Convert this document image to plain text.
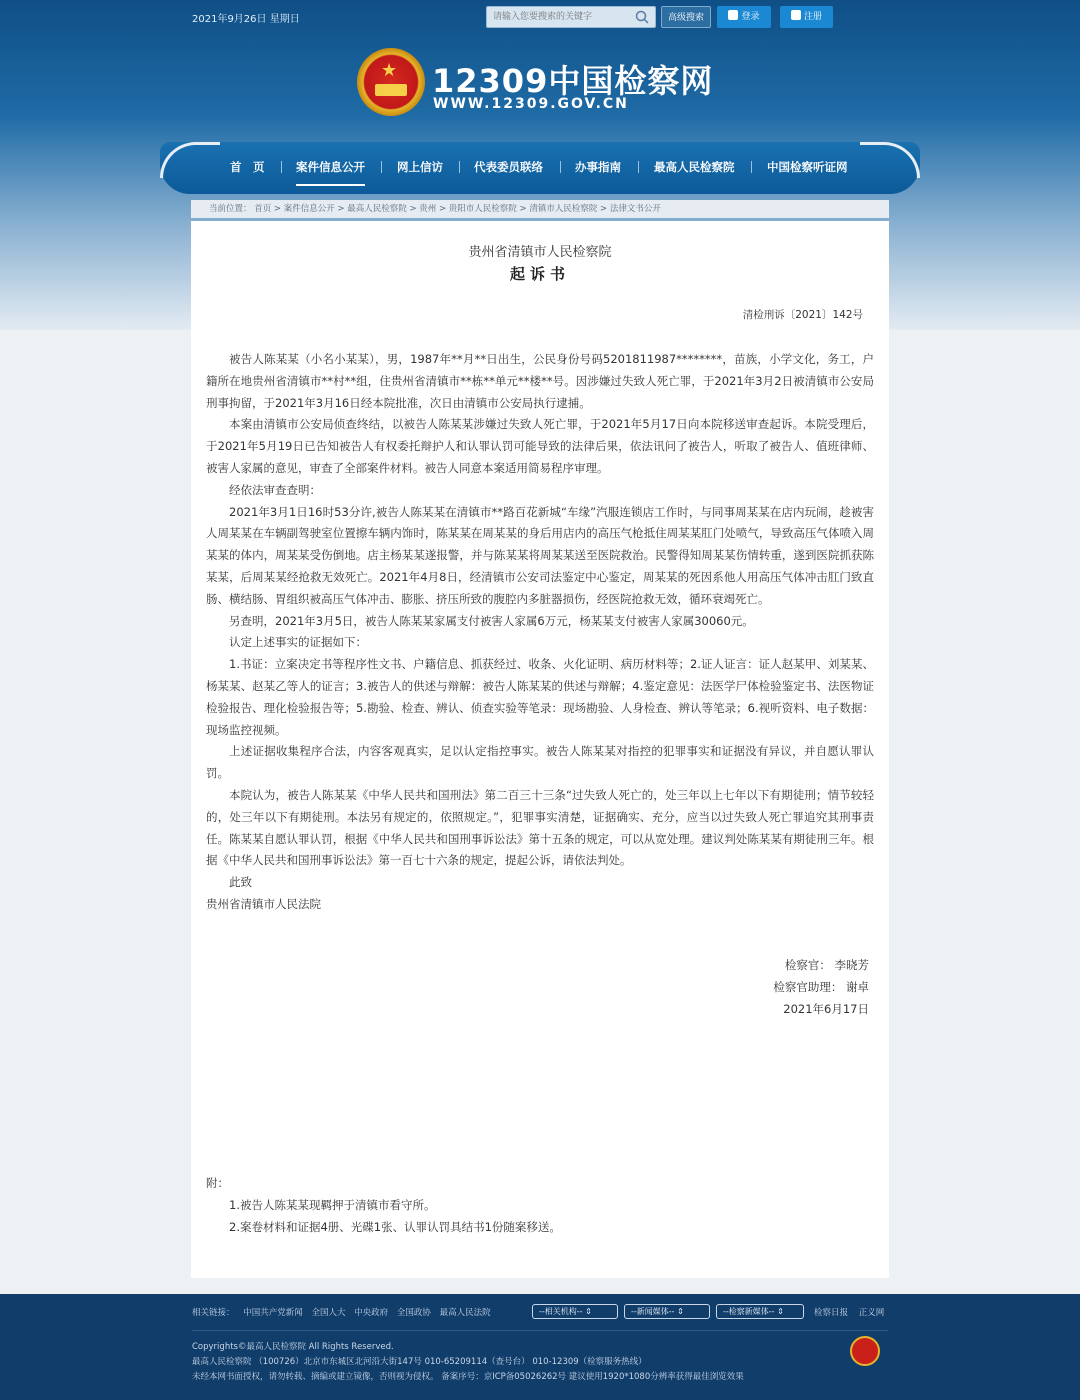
2021年9月26日 星期日
请输入您要搜索的关键字	高级搜索	登录	注册
★ 12309中国检察网
WWW.12309.GOV.CN
首　页	案件信息公开	网上信访	代表委员联络	办事指南	最高人民检察院	中国检察听证网
当前位置： 首页 > 案件信息公开 > 最高人民检察院 > 贵州 > 贵阳市人民检察院 > 清镇市人民检察院 > 法律文书公开
贵州省清镇市人民检察院
起诉书
清检刑诉〔2021〕142号

被告人陈某某（小名小某某），男，1987年**月**日出生，公民身份号码5201811987********，苗族，小学文化，务工，户籍所在地贵州省清镇市**村**组，住贵州省清镇市**栋**单元**楼**号。因涉嫌过失致人死亡罪，于2021年3月2日被清镇市公安局刑事拘留，于2021年3月16日经本院批准，次日由清镇市公安局执行逮捕。

本案由清镇市公安局侦查终结，以被告人陈某某涉嫌过失致人死亡罪，于2021年5月17日向本院移送审查起诉。本院受理后，于2021年5月19日已告知被告人有权委托辩护人和认罪认罚可能导致的法律后果，依法讯问了被告人，听取了被告人、值班律师、被害人家属的意见，审查了全部案件材料。被告人同意本案适用简易程序审理。

经依法审查查明：

2021年3月1日16时53分许,被告人陈某某在清镇市**路百花新城“车缘”汽服连锁店工作时，与同事周某某在店内玩闹，趁被害人周某某在车辆副驾驶室位置擦车辆内饰时，陈某某在周某某的身后用店内的高压气枪抵住周某某肛门处喷气，导致高压气体喷入周某某的体内，周某某受伤倒地。店主杨某某遂报警，并与陈某某将周某某送至医院救治。民警得知周某某伤情转重，遂到医院抓获陈某某，后周某某经抢救无效死亡。2021年4月8日，经清镇市公安司法鉴定中心鉴定，周某某的死因系他人用高压气体冲击肛门致直肠、横结肠、胃组织被高压气体冲击、膨胀、挤压所致的腹腔内多脏器损伤，经医院抢救无效，循环衰竭死亡。

另查明，2021年3月5日，被告人陈某某家属支付被害人家属6万元，杨某某支付被害人家属30060元。

认定上述事实的证据如下：

1.书证：立案决定书等程序性文书、户籍信息、抓获经过、收条、火化证明、病历材料等；2.证人证言：证人赵某甲、刘某某、杨某某、赵某乙等人的证言；3.被告人的供述与辩解：被告人陈某某的供述与辩解；4.鉴定意见：法医学尸体检验鉴定书、法医物证检验报告、理化检验报告等；5.勘验、检查、辨认、侦查实验等笔录：现场勘验、人身检查、辨认等笔录；6.视听资料、电子数据：现场监控视频。

上述证据收集程序合法，内容客观真实，足以认定指控事实。被告人陈某某对指控的犯罪事实和证据没有异议，并自愿认罪认罚。

本院认为，被告人陈某某《中华人民共和国刑法》第二百三十三条“过失致人死亡的，处三年以上七年以下有期徒刑；情节较轻的，处三年以下有期徒刑。本法另有规定的，依照规定。”，犯罪事实清楚，证据确实、充分，应当以过失致人死亡罪追究其刑事责任。陈某某自愿认罪认罚，根据《中华人民共和国刑事诉讼法》第十五条的规定，可以从宽处理。建议判处陈某某有期徒刑三年。根据《中华人民共和国刑事诉讼法》第一百七十六条的规定，提起公诉，请依法判处。

此致

贵州省清镇市人民法院

检察官： 李晓芳
检察官助理： 谢卓
2021年6月17日
附：
1.被告人陈某某现羁押于清镇市看守所。
2.案卷材料和证据4册、光碟1张、认罪认罚具结书1份随案移送。
相关链接： 中国共产党新闻 全国人大 中央政府 全国政协 最高人民法院	--相关机构-- ⇕	--新闻媒体-- ⇕	--检察新媒体-- ⇕	检察日报 正义网
Copyrights©最高人民检察院 All Rights Reserved.
最高人民检察院 （100726）北京市东城区北河沿大街147号 010-65209114（查号台） 010-12309（检察服务热线）
未经本网书面授权，请勿转载、摘编或建立镜像，否则视为侵权。 备案序号：京ICP备05026262号 建议使用1920*1080分辨率获得最佳浏览效果
